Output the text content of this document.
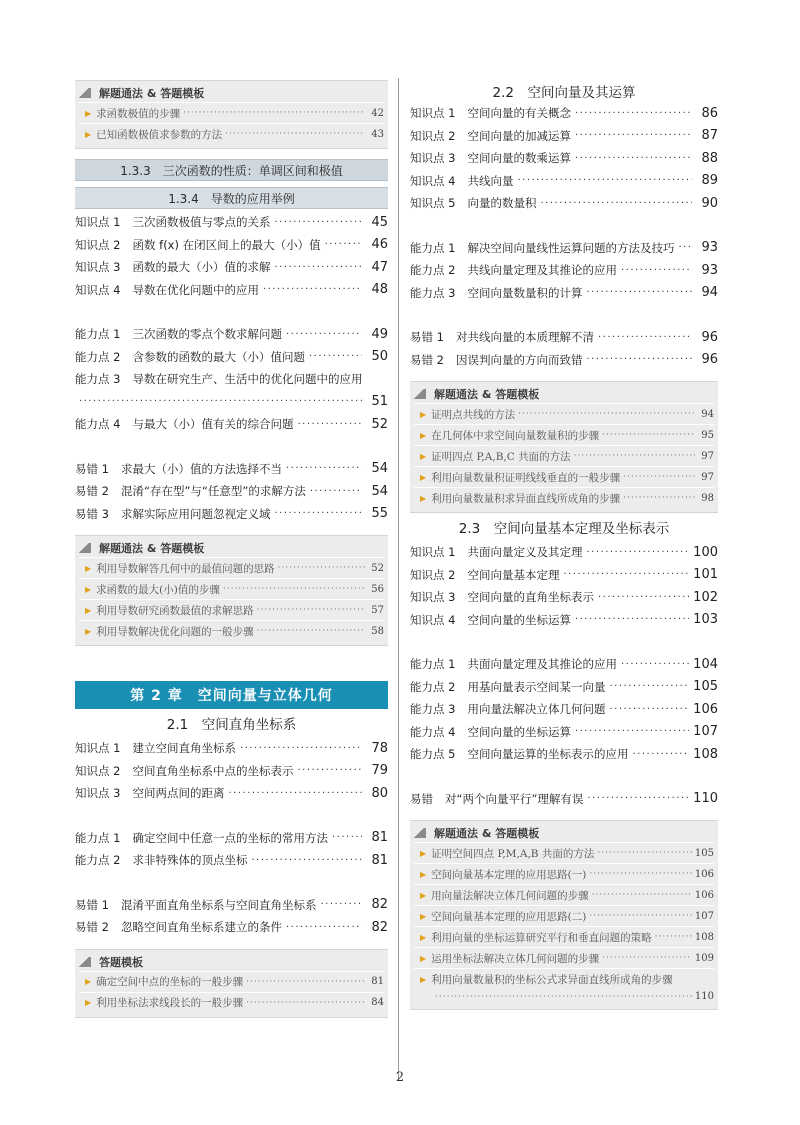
解题通法 & 答题模板
▶ 求函数极值的步骤 ·····	42
▶ 已知函数极值求参数的方法 ·····	43
1.3.3　三次函数的性质：单调区间和极值
1.3.4　导数的应用举例
知识点 1 三次函数极值与零点的关系 ·····	45
知识点 2 函数 f(x) 在闭区间上的最大（小）值 ·····	46
知识点 3 函数的最大（小）值的求解 ·····	47
知识点 4 导数在优化问题中的应用 ·····	48
能力点 1 三次函数的零点个数求解问题 ·····	49
能力点 2 含参数的函数的最大（小）值问题 ·····	50
能力点 3 导数在研究生产、生活中的优化问题中的应用
·····
51
能力点 4 与最大（小）值有关的综合问题 ·····	52
易错 1 求最大（小）值的方法选择不当 ·····	54
易错 2 混淆“存在型”与“任意型”的求解方法 ·····	54
易错 3 求解实际应用问题忽视定义域 ·····	55
解题通法 & 答题模板
▶ 利用导数解答几何中的最值问题的思路 ·····	52
▶ 求函数的最大(小)值的步骤 ·····	56
▶ 利用导数研究函数最值的求解思路 ·····	57
▶ 利用导数解决优化问题的一般步骤 ·····	58
第 2 章　空间向量与立体几何
2.1　空间直角坐标系
知识点 1 建立空间直角坐标系 ·····	78
知识点 2 空间直角坐标系中点的坐标表示 ·····	79
知识点 3 空间两点间的距离 ·····	80
能力点 1 确定空间中任意一点的坐标的常用方法 ·····	81
能力点 2 求非特殊体的顶点坐标 ·····	81
易错 1 混淆平面直角坐标系与空间直角坐标系 ·····	82
易错 2 忽略空间直角坐标系建立的条件 ·····	82
答题模板
▶ 确定空间中点的坐标的一般步骤 ·····	81
▶ 利用坐标法求线段长的一般步骤 ·····	84
2.2　空间向量及其运算
知识点 1 空间向量的有关概念 ·····	86
知识点 2 空间向量的加减运算 ·····	87
知识点 3 空间向量的数乘运算 ·····	88
知识点 4 共线向量 ·····	89
知识点 5 向量的数量积 ·····	90
能力点 1 解决空间向量线性运算问题的方法及技巧 ·····	93
能力点 2 共线向量定理及其推论的应用 ·····	93
能力点 3 空间向量数量积的计算 ·····	94
易错 1 对共线向量的本质理解不清 ·····	96
易错 2 因误判向量的方向而致错 ·····	96
解题通法 & 答题模板
▶ 证明点共线的方法 ·····	94
▶ 在几何体中求空间向量数量积的步骤 ·····	95
▶ 证明四点 P,A,B,C 共面的方法 ·····	97
▶ 利用向量数量积证明线线垂直的一般步骤 ·····	97
▶ 利用向量数量积求异面直线所成角的步骤 ·····	98
2.3　空间向量基本定理及坐标表示
知识点 1 共面向量定义及其定理 ·····	100
知识点 2 空间向量基本定理 ·····	101
知识点 3 空间向量的直角坐标表示 ·····	102
知识点 4 空间向量的坐标运算 ·····	103
能力点 1 共面向量定理及其推论的应用 ·····	104
能力点 2 用基向量表示空间某一向量 ·····	105
能力点 3 用向量法解决立体几何问题 ·····	106
能力点 4 空间向量的坐标运算 ·····	107
能力点 5 空间向量运算的坐标表示的应用 ·····	108
易错 对“两个向量平行”理解有误 ·····	110
解题通法 & 答题模板
▶ 证明空间四点 P,M,A,B 共面的方法 ·····	105
▶ 空间向量基本定理的应用思路(一) ·····	106
▶ 用向量法解决立体几何问题的步骤 ·····	106
▶ 空间向量基本定理的应用思路(二) ·····	107
▶ 利用向量的坐标运算研究平行和垂直问题的策略 ·····	108
▶ 运用坐标法解决立体几何问题的步骤 ·····	109
▶ 利用向量数量积的坐标公式求异面直线所成角的步骤
·····
110
2
